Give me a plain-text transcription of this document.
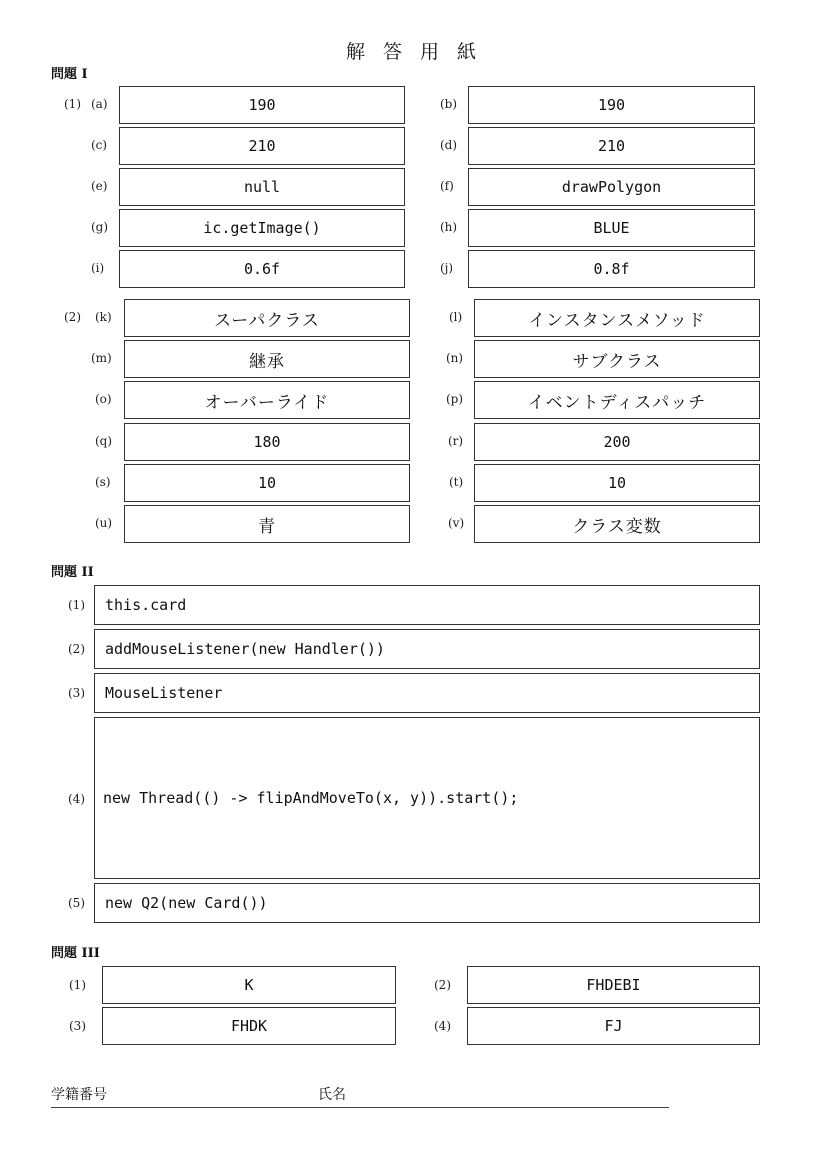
解 答 用 紙
問題 I
(1) (a)	190	(b)	190
(c)	210	(d)	210
(e)	null	(f)	drawPolygon
(g)	ic.getImage()	(h)	BLUE
(i)	0.6f	(j)	0.8f
(2) (k)	スーパクラス	(l)	インスタンスメソッド
(m)	継承	(n)	サブクラス
(o)	オーバーライド	(p)	イベントディスパッチ
(q)	180	(r)	200
(s)	10	(t)	10
(u)	青	(v)	クラス変数
問題 II
(1)	this.card
(2)	addMouseListener(new Handler())
(3)	MouseListener
(4)	new Thread(() -> flipAndMoveTo(x, y)).start();
(5)	new Q2(new Card())
問題 III
(1)	K	(2)	FHDEBI
(3)	FHDK	(4)	FJ
学籍番号	氏名
